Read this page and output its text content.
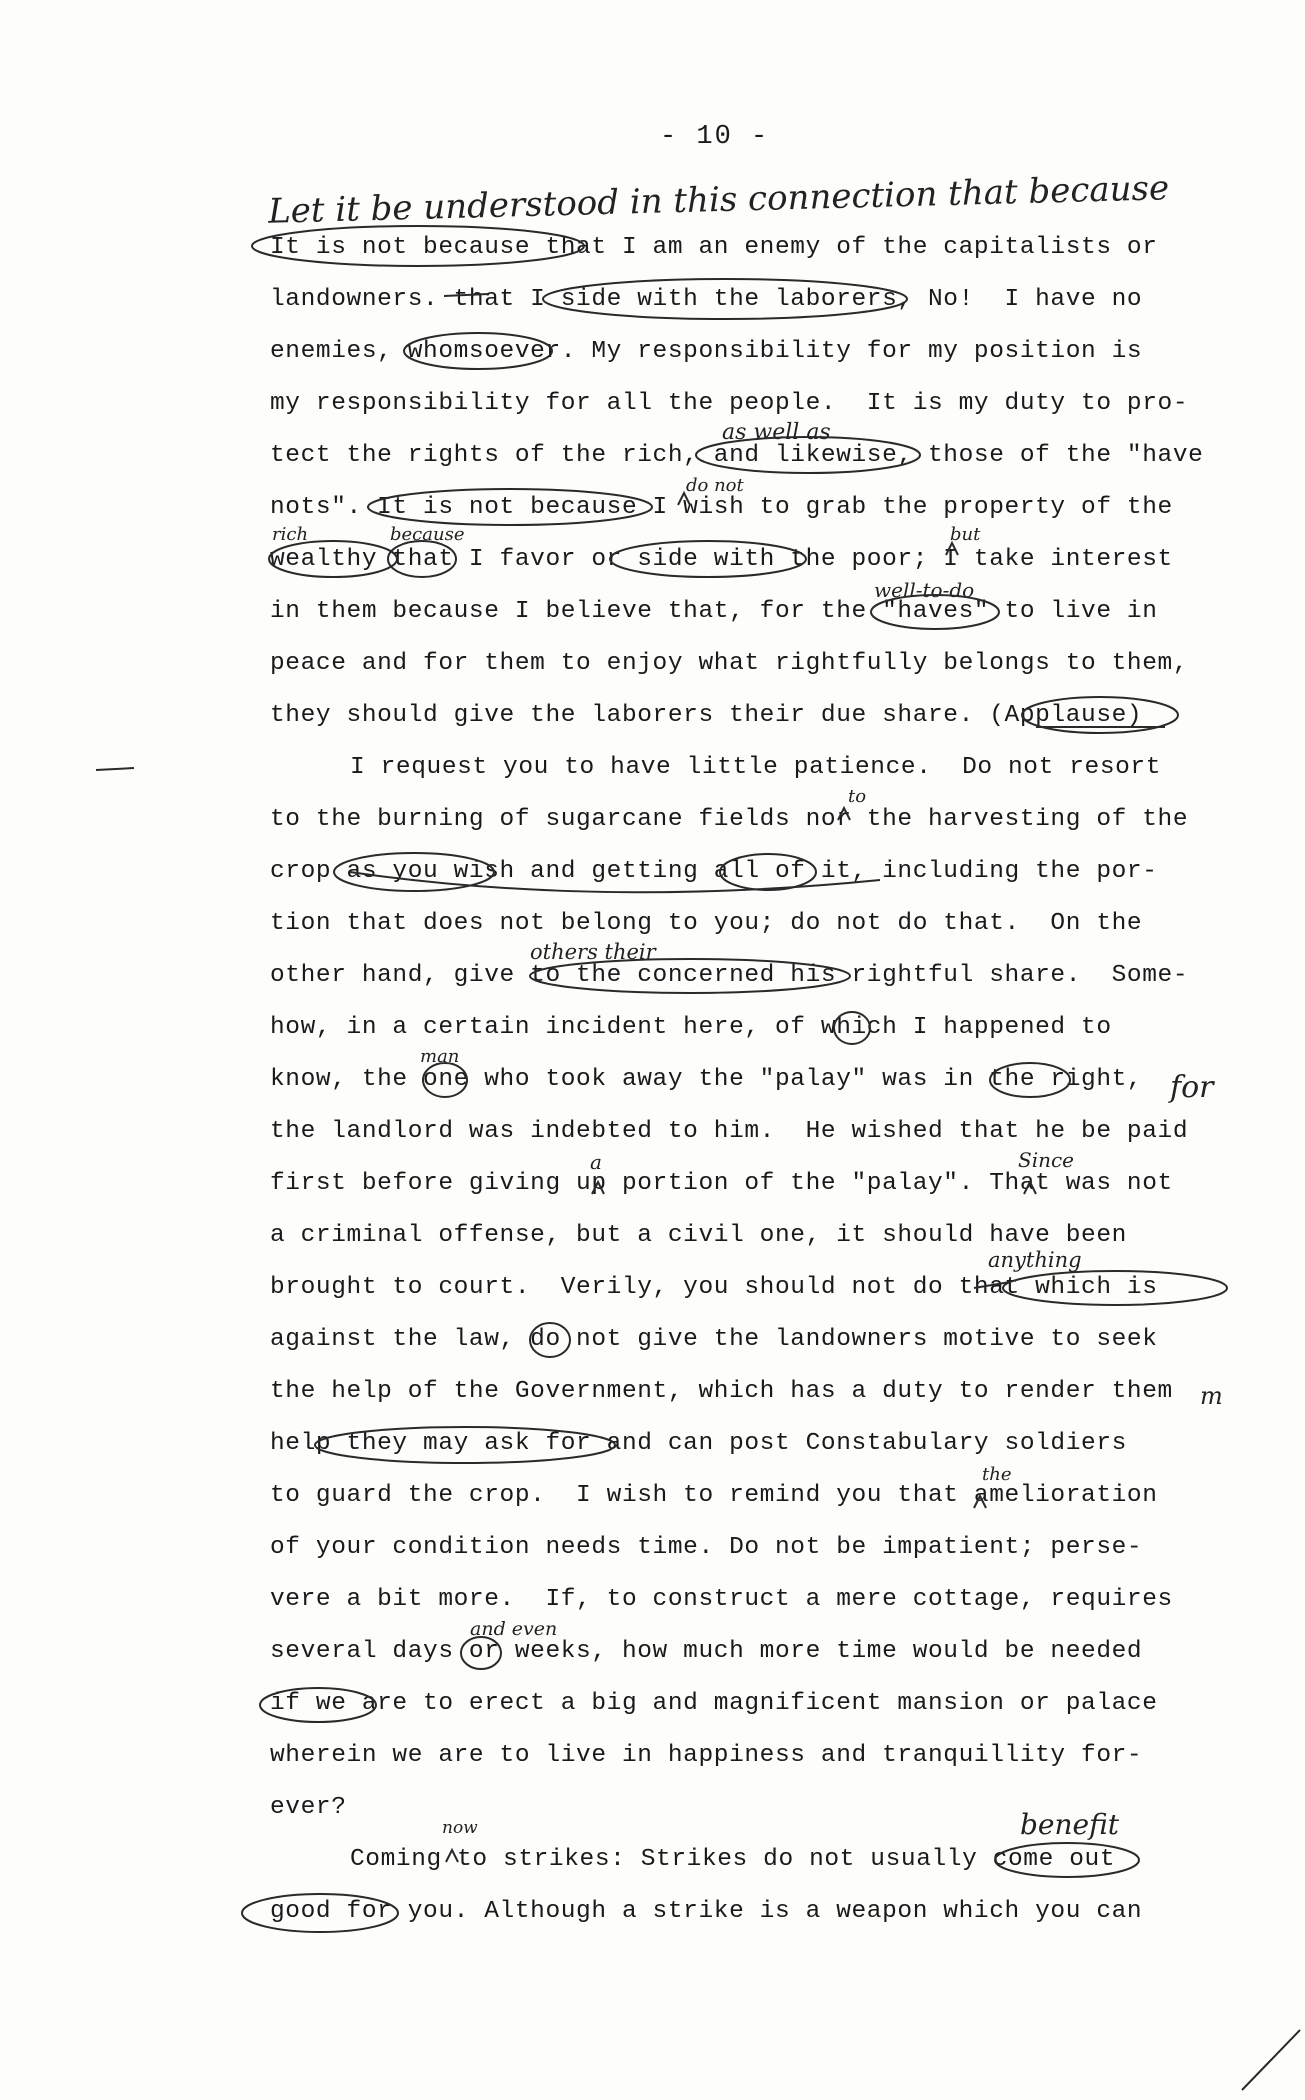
- 10 -
Let it be understood in this connection that because
It is not because that I am an enemy of the capitalists or
landowners. that I side with the laborers, No!  I have no
enemies, whomsoever. My responsibility for my position is
my responsibility for all the people.  It is my duty to pro-
tect the rights of the rich, and likewise, those of the "have
nots". It is not because I wish to grab the property of the
wealthy that I favor or side with the poor; I take interest
in them because I believe that, for the "haves" to live in
peace and for them to enjoy what rightfully belongs to them,
they should give the laborers their due share. (Applause)
I request you to have little patience.  Do not resort
to the burning of sugarcane fields nor the harvesting of the
crop as you wish and getting all of it, including the por-
tion that does not belong to you; do not do that.  On the
other hand, give to the concerned his rightful share.  Some-
how, in a certain incident here, of which I happened to
know, the one who took away the "palay" was in the right,
the landlord was indebted to him.  He wished that he be paid
first before giving up portion of the "palay". That was not
a criminal offense, but a civil one, it should have been
brought to court.  Verily, you should not do that which is
against the law, do not give the landowners motive to seek
the help of the Government, which has a duty to render them
help they may ask for and can post Constabulary soldiers
to guard the crop.  I wish to remind you that amelioration
of your condition needs time. Do not be impatient; perse-
vere a bit more.  If, to construct a mere cottage, requires
several days or weeks, how much more time would be needed
if we are to erect a big and magnificent mansion or palace
wherein we are to live in happiness and tranquillity for-
ever?
Coming to strikes: Strikes do not usually come out
good for you. Although a strike is a weapon which you can
as well as
do not
rich	because	but
well-to-do
to
others their
man
for
a	Since
anything
m
the
and even
now	benefit
